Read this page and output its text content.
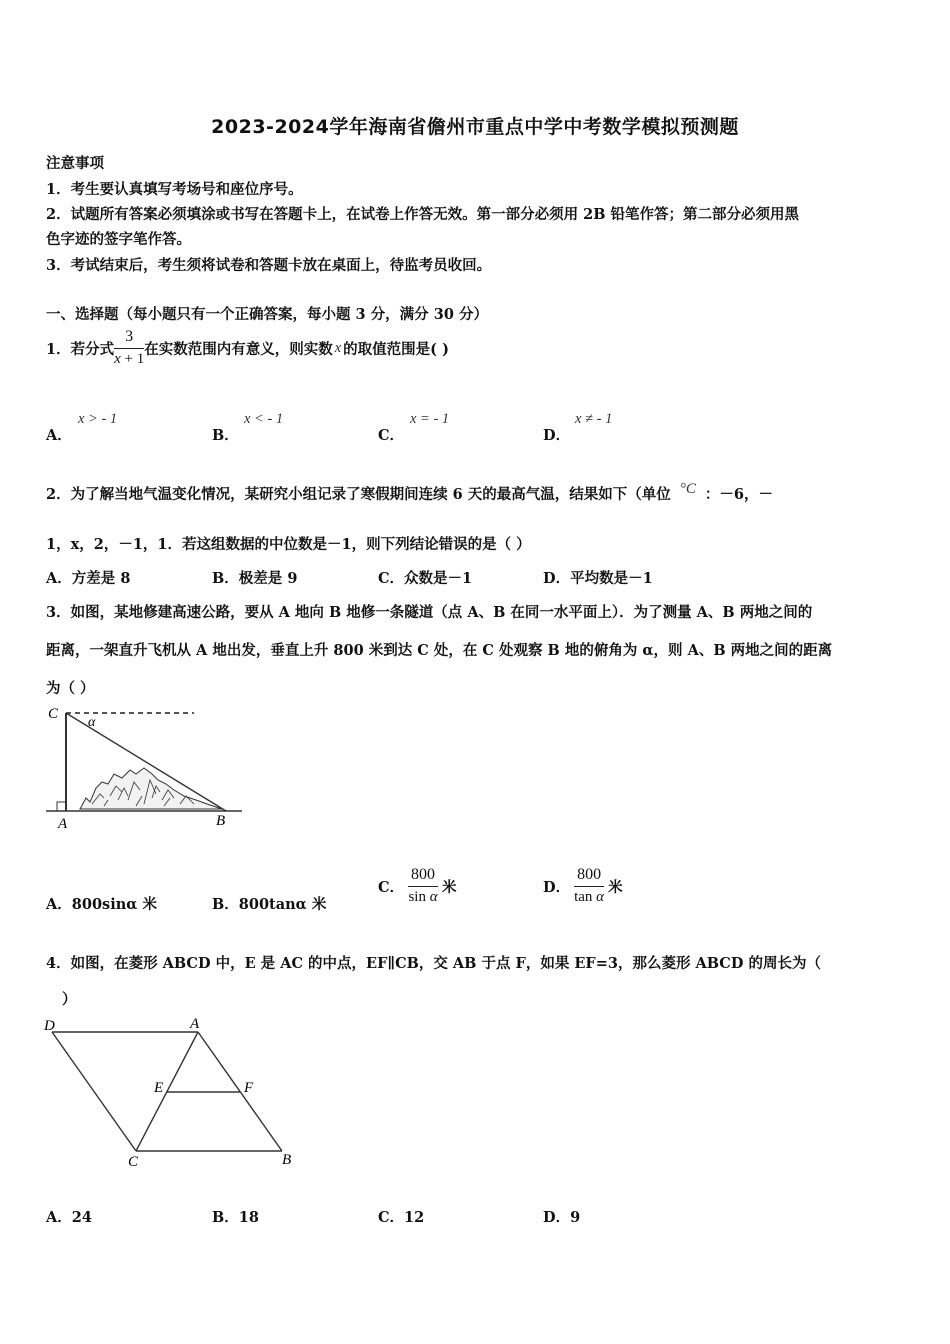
2023-2024学年海南省儋州市重点中学中考数学模拟预测题
注意事项
1．考生要认真填写考场号和座位序号。
2．试题所有答案必须填涂或书写在答题卡上，在试卷上作答无效。第一部分必须用 2B 铅笔作答；第二部分必须用黑
色字迹的签字笔作答。
3．考试结束后，考生须将试卷和答题卡放在桌面上，待监考员收回。
一、选择题（每小题只有一个正确答案，每小题 3 分，满分 30 分）
1．若分式 $\frac{3}{x + 1}$ 在实数范围内有意义，则实数 x 的取值范围是( )
A．
x > - 1
B．
x < - 1
C．
x = - 1
D．
x ≠ - 1
2．为了解当地气温变化情况，某研究小组记录了寒假期间连续 6 天的最高气温，结果如下（单位 °C ：－6，－
1，x，2，－1，1．若这组数据的中位数是－1，则下列结论错误的是（ ）
A．方差是 8	B．极差是 9	C．众数是－1	D．平均数是－1
3．如图，某地修建高速公路，要从 A 地向 B 地修一条隧道（点 A、B 在同一水平面上）．为了测量 A、B 两地之间的
距离，一架直升飞机从 A 地出发，垂直上升 800 米到达 C 处，在 C 处观察 B 地的俯角为 α，则 A、B 两地之间的距离
为（ ）
C
α
A	B
A．800sinα 米	B．800tanα 米
C． $\frac{800}{\text{sin α}}$ 米	D． $\frac{800}{\text{tan α}}$ 米
4．如图，在菱形 ABCD 中，E 是 AC 的中点，EF∥CB，交 AB 于点 F，如果 EF=3，那么菱形 ABCD 的周长为（
）
D	A
E	F
C	B
A．24	B．18	C．12	D．9
